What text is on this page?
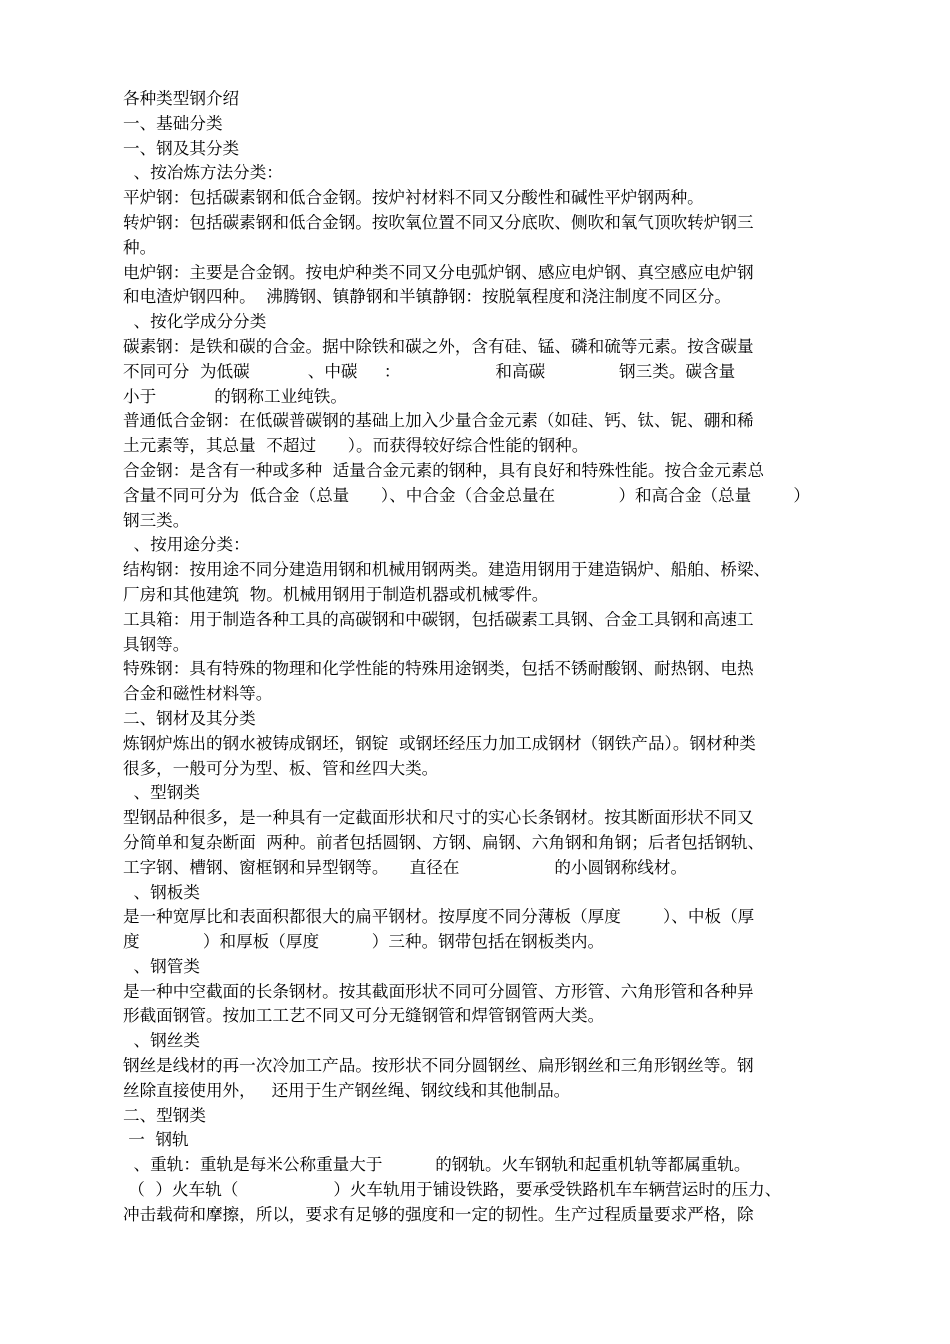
各种类型钢介绍
一、基础分类
一、钢及其分类
、按冶炼方法分类：
平炉钢：包括碳素钢和低合金钢。按炉衬材料不同又分酸性和碱性平炉钢两种。
转炉钢：包括碳素钢和低合金钢。按吹氧位置不同又分底吹、侧吹和氧气顶吹转炉钢三
种。
电炉钢：主要是合金钢。按电炉种类不同又分电弧炉钢、感应电炉钢、真空感应电炉钢
和电渣炉钢四种。  沸腾钢、镇静钢和半镇静钢：按脱氧程度和浇注制度不同区分。
、按化学成分分类
碳素钢：是铁和碳的合金。据中除铁和碳之外，含有硅、锰、磷和硫等元素。按含碳量
不同可分  为低碳           、中碳     ：                  和高碳              钢三类。碳含量
小于           的钢称工业纯铁。
普通低合金钢：在低碳普碳钢的基础上加入少量合金元素（如硅、钙、钛、铌、硼和稀
土元素等，其总量  不超过      ）。而获得较好综合性能的钢种。
合金钢：是含有一种或多种  适量合金元素的钢种，具有良好和特殊性能。按合金元素总
含量不同可分为  低合金（总量      ）、中合金（合金总量在            ）和高合金（总量        ）
钢三类。
、按用途分类：
结构钢：按用途不同分建造用钢和机械用钢两类。建造用钢用于建造锅炉、船舶、桥梁、
厂房和其他建筑  物。机械用钢用于制造机器或机械零件。
工具箱：用于制造各种工具的高碳钢和中碳钢，包括碳素工具钢、合金工具钢和高速工
具钢等。
特殊钢：具有特殊的物理和化学性能的特殊用途钢类，包括不锈耐酸钢、耐热钢、电热
合金和磁性材料等。
二、钢材及其分类
炼钢炉炼出的钢水被铸成钢坯，钢锭  或钢坯经压力加工成钢材（钢铁产品）。钢材种类
很多，一般可分为型、板、管和丝四大类。
、型钢类
型钢品种很多，是一种具有一定截面形状和尺寸的实心长条钢材。按其断面形状不同又
分简单和复杂断面  两种。前者包括圆钢、方钢、扁钢、六角钢和角钢；后者包括钢轨、
工字钢、槽钢、窗框钢和异型钢等。    直径在                  的小圆钢称线材。
、钢板类
是一种宽厚比和表面积都很大的扁平钢材。按厚度不同分薄板（厚度        ）、中板（厚
度            ）和厚板（厚度          ）三种。钢带包括在钢板类内。
、钢管类
是一种中空截面的长条钢材。按其截面形状不同可分圆管、方形管、六角形管和各种异
形截面钢管。按加工工艺不同又可分无缝钢管和焊管钢管两大类。
、钢丝类
钢丝是线材的再一次冷加工产品。按形状不同分圆钢丝、扁形钢丝和三角形钢丝等。钢
丝除直接使用外，   还用于生产钢丝绳、钢纹线和其他制品。
二、型钢类
一  钢轨
、重轨：重轨是每米公称重量大于          的钢轨。火车钢轨和起重机轨等都属重轨。
（  ）火车轨（                  ）火车轨用于铺设铁路，要承受铁路机车车辆营运时的压力、
冲击载荷和摩擦，所以，要求有足够的强度和一定的韧性。生产过程质量要求严格，除
